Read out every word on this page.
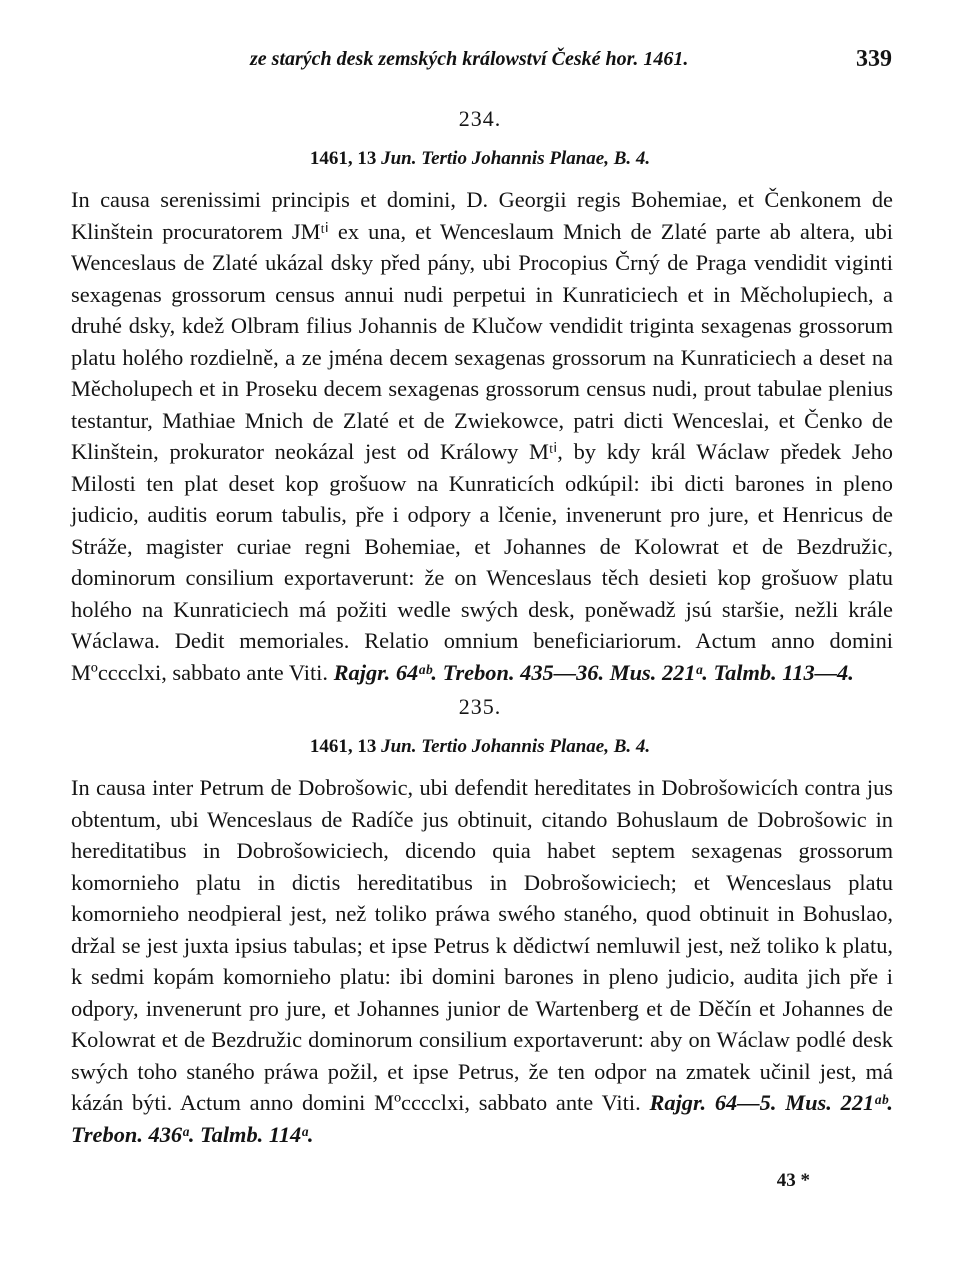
ze starých desk zemských králowství České hor. 1461.	339
234.
1461, 13 Jun. Tertio Johannis Planae, B. 4.
In causa serenissimi principis et domini, D. Georgii regis Bohemiae, et Čenkonem de Klinštein procuratorem JMᵗⁱ ex una, et Wenceslaum Mnich de Zlaté parte ab altera, ubi Wenceslaus de Zlaté ukázal dsky před pány, ubi Procopius Črný de Praga vendidit viginti sexagenas grossorum census annui nudi perpetui in Kunraticiech et in Měcholupiech, a druhé dsky, kdež Olbram filius Johannis de Klučow vendidit triginta sexagenas grossorum platu holého rozdielně, a ze jména decem sexagenas grossorum na Kunraticiech a deset na Měcholupech et in Proseku decem sexagenas grossorum census nudi, prout tabulae plenius testantur, Mathiae Mnich de Zlaté et de Zwiekowce, patri dicti Wenceslai, et Čenko de Klinštein, prokurator neokázal jest od Králowy Mᵗⁱ, by kdy král Wáclaw předek Jeho Milosti ten plat deset kop grošuow na Kunraticích odkúpil: ibi dicti barones in pleno judicio, auditis eorum tabulis, pře i odpory a lčenie, invenerunt pro jure, et Henricus de Stráže, magister curiae regni Bohemiae, et Johannes de Kolowrat et de Bezdružic, dominorum consilium exportaverunt: že on Wenceslaus těch desieti kop grošuow platu holého na Kunraticiech má požiti wedle swých desk, poněwadž jsú staršie, nežli krále Wáclawa. Dedit memoriales. Relatio omnium beneficiariorum. Actum anno domini Mºcccclxi, sabbato ante Viti. Rajgr. 64ᵃᵇ. Trebon. 435—36. Mus. 221ᵃ. Talmb. 113—4.
235.
1461, 13 Jun. Tertio Johannis Planae, B. 4.
In causa inter Petrum de Dobrošowic, ubi defendit hereditates in Dobrošowicích contra jus obtentum, ubi Wenceslaus de Radíče jus obtinuit, citando Bohuslaum de Dobrošowic in hereditatibus in Dobrošowiciech, dicendo quia habet septem sexagenas grossorum komornieho platu in dictis hereditatibus in Dobrošowiciech; et Wenceslaus platu komornieho neodpieral jest, než toliko práwa swého staného, quod obtinuit in Bohuslao, držal se jest juxta ipsius tabulas; et ipse Petrus k dědictwí nemluwil jest, než toliko k platu, k sedmi kopám komornieho platu: ibi domini barones in pleno judicio, audita jich pře i odpory, invenerunt pro jure, et Johannes junior de Wartenberg et de Děčín et Johannes de Kolowrat et de Bezdružic dominorum consilium exportaverunt: aby on Wáclaw podlé desk swých toho staného práwa požil, et ipse Petrus, že ten odpor na zmatek učinil jest, má kázán býti. Actum anno domini Mºcccclxi, sabbato ante Viti. Rajgr. 64—5. Mus. 221ᵃᵇ. Trebon. 436ᵃ. Talmb. 114ᵃ.
43 *
